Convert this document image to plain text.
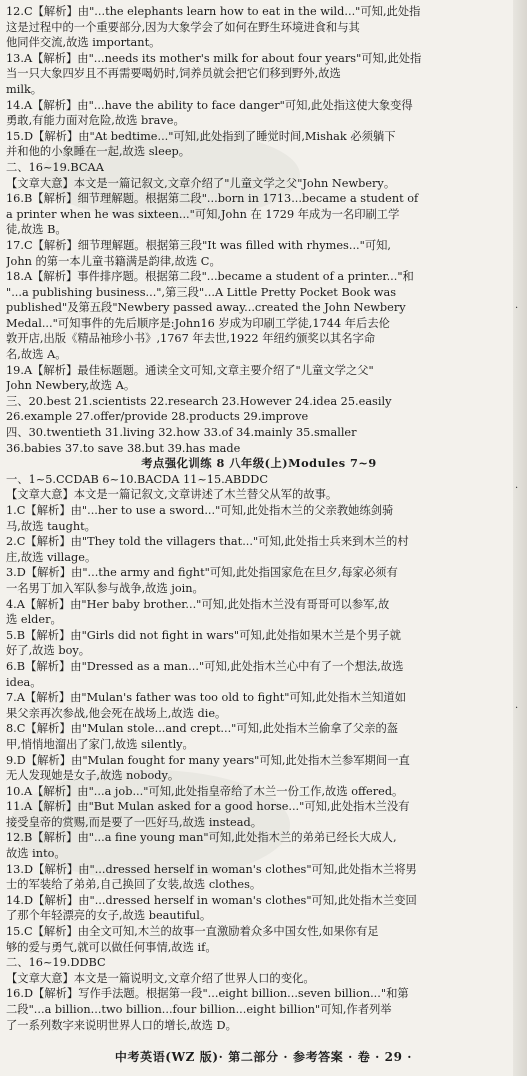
12.C【解析】由"...the elephants learn how to eat in the wild..."可知,此处指
这是过程中的一个重要部分,因为大象学会了如何在野生环境进食和与其
他同伴交流,故选 important。
13.A【解析】由"...needs its mother's milk for about four years"可知,此处指
当一只大象四岁且不再需要喝奶时,饲养员就会把它们移到野外,故选
milk。
14.A【解析】由"...have the ability to face danger"可知,此处指这使大象变得
勇敢,有能力面对危险,故选 brave。
15.D【解析】由"At bedtime..."可知,此处指到了睡觉时间,Mishak 必须躺下
并和他的小象睡在一起,故选 sleep。
二、16~19.BCAA
【文章大意】本文是一篇记叙文,文章介绍了"儿童文学之父"John Newbery。
16.B【解析】细节理解题。根据第二段"...born in 1713...became a student of
a printer when he was sixteen..."可知,John 在 1729 年成为一名印刷工学
徒,故选 B。
17.C【解析】细节理解题。根据第三段"It was filled with rhymes..."可知,
John 的第一本儿童书籍满是韵律,故选 C。
18.A【解析】事件排序题。根据第二段"...became a student of a printer..."和
"...a publishing business...",第三段"...A Little Pretty Pocket Book was
published"及第五段"Newbery passed away...created the John Newbery
Medal..."可知事件的先后顺序是:John16 岁成为印刷工学徒,1744 年后去伦
敦开店,出版《精品袖珍小书》,1767 年去世,1922 年纽约颁奖以其名字命
名,故选 A。
19.A【解析】最佳标题题。通读全文可知,文章主要介绍了"儿童文学之父"
John Newbery,故选 A。
三、20.best 21.scientists 22.research 23.However 24.idea 25.easily
26.example 27.offer/provide 28.products 29.improve
四、30.twentieth 31.living 32.how 33.of 34.mainly 35.smaller
36.babies 37.to save 38.but 39.has made
考点强化训练 8 八年级(上)Modules 7~9
一、1~5.CCDAB 6~10.BACDA 11~15.ABDDC
【文章大意】本文是一篇记叙文,文章讲述了木兰替父从军的故事。
1.C【解析】由"...her to use a sword..."可知,此处指木兰的父亲教她练剑骑
马,故选 taught。
2.C【解析】由"They told the villagers that..."可知,此处指士兵来到木兰的村
庄,故选 village。
3.D【解析】由"...the army and fight"可知,此处指国家危在旦夕,每家必须有
一名男丁加入军队参与战争,故选 join。
4.A【解析】由"Her baby brother..."可知,此处指木兰没有哥哥可以参军,故
选 elder。
5.B【解析】由"Girls did not fight in wars"可知,此处指如果木兰是个男子就
好了,故选 boy。
6.B【解析】由"Dressed as a man..."可知,此处指木兰心中有了一个想法,故选
idea。
7.A【解析】由"Mulan's father was too old to fight"可知,此处指木兰知道如
果父亲再次参战,他会死在战场上,故选 die。
8.C【解析】由"Mulan stole...and crept..."可知,此处指木兰偷拿了父亲的盔
甲,悄悄地溜出了家门,故选 silently。
9.D【解析】由"Mulan fought for many years"可知,此处指木兰参军期间一直
无人发现她是女子,故选 nobody。
10.A【解析】由"...a job..."可知,此处指皇帝给了木兰一份工作,故选 offered。
11.A【解析】由"But Mulan asked for a good horse..."可知,此处指木兰没有
接受皇帝的赏赐,而是要了一匹好马,故选 instead。
12.B【解析】由"...a fine young man"可知,此处指木兰的弟弟已经长大成人,
故选 into。
13.D【解析】由"...dressed herself in woman's clothes"可知,此处指木兰将男
士的军装给了弟弟,自己换回了女装,故选 clothes。
14.D【解析】由"...dressed herself in woman's clothes"可知,此处指木兰变回
了那个年轻漂亮的女子,故选 beautiful。
15.C【解析】由全文可知,木兰的故事一直激励着众多中国女性,如果你有足
够的爱与勇气,就可以做任何事情,故选 if。
二、16~19.DDBC
【文章大意】本文是一篇说明文,文章介绍了世界人口的变化。
16.D【解析】写作手法题。根据第一段"...eight billion...seven billion..."和第
二段"...a billion...two billion...four billion...eight billion"可知,作者列举
了一系列数字来说明世界人口的增长,故选 D。
中考英语(WZ 版)· 第二部分 · 参考答案 · 卷 · 29 ·
.
.
.
